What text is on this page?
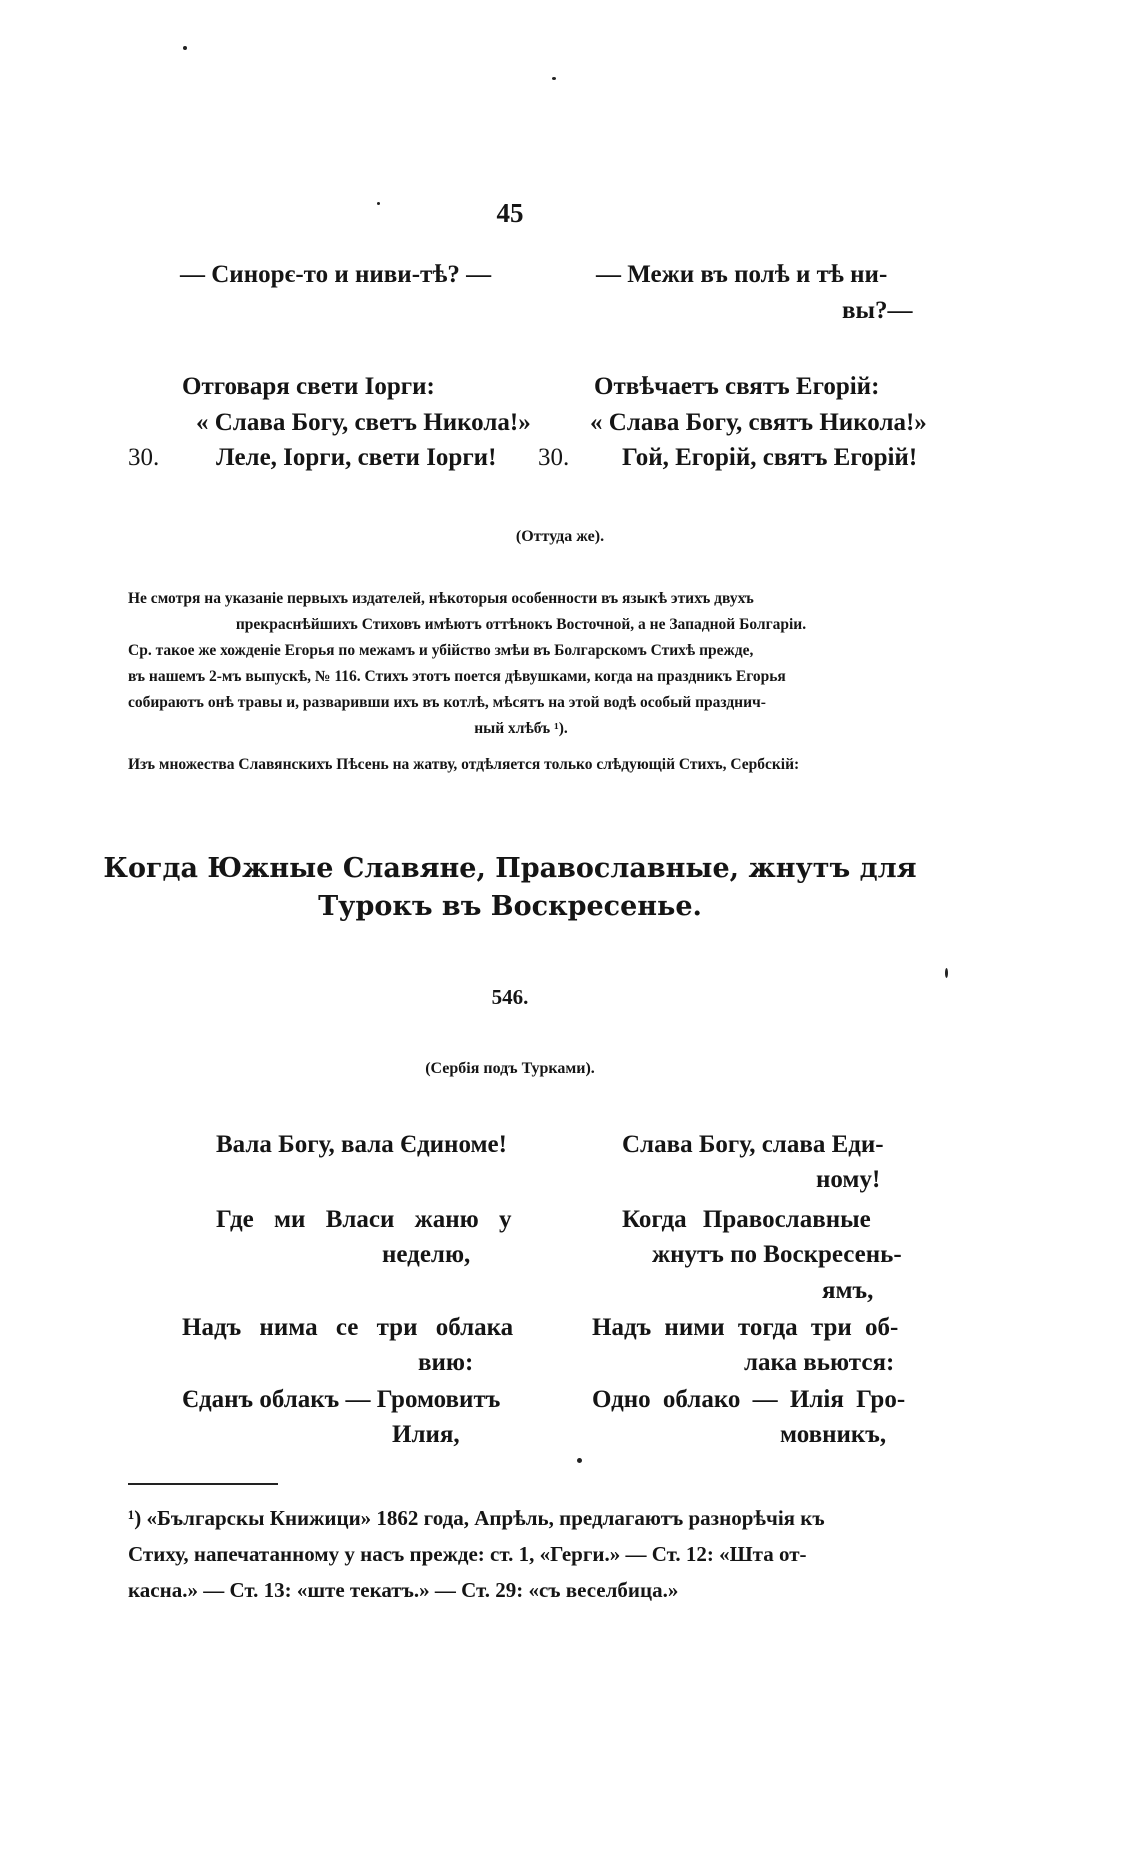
45
— Синорє-то и ниви-тѣ? —
Отговаря свети Іорги:
« Слава Богу, светъ Никола!»
30. Леле, Іорги, свети Іорги!
— Межи въ полѣ и тѣ ни-
вы?—
Отвѣчаетъ святъ Егорій:
« Слава Богу, святъ Никола!»
30. Гой, Егорій, святъ Егорій!
(Оттуда же).
Не смотря на указаніе первыхъ издателей, нѣкоторыя особенности въ языкѣ этихъ двухъ
прекраснѣйшихъ Стиховъ имѣютъ оттѣнокъ Восточной, а не Западной Болгаріи.
Ср. такое же хожденіе Егорья по межамъ и убійство змѣи въ Болгарскомъ Стихѣ прежде,
въ нашемъ 2-мъ выпускѣ, № 116. Стихъ этотъ поется дѣвушками, когда на праздникъ Егорья
собираютъ онѣ травы и, разваривши ихъ въ котлѣ, мѣсятъ на этой водѣ особый празднич-
ный хлѣбъ ¹).
Изъ множества Славянскихъ Пѣсень на жатву, отдѣляется только слѣдующій Стихъ, Сербскій:
Когда Южные Славяне, Православные, жнутъ для
Турокъ въ Воскресенье.
546.
(Сербія подъ Турками).
Вала Богу, вала Єдиноме!
Где ми Власи жаню у
неделю,
Надъ нима се три облака
вию:
Єданъ облакъ — Громовитъ
Илия,
Слава Богу, слава Еди-
ному!
Когда Православные
жнутъ по Воскресень-
ямъ,
Надъ ними тогда три об-
лака вьются:
Одно облако — Илія Гро-
мовникъ,
¹) «Българскы Книжици» 1862 года, Апрѣль, предлагаютъ разнорѣчія къ
Стиху, напечатанному у насъ прежде: ст. 1, «Герги.» — Ст. 12: «Шта от-
касна.» — Ст. 13: «ште текатъ.» — Ст. 29: «съ веселбица.»
